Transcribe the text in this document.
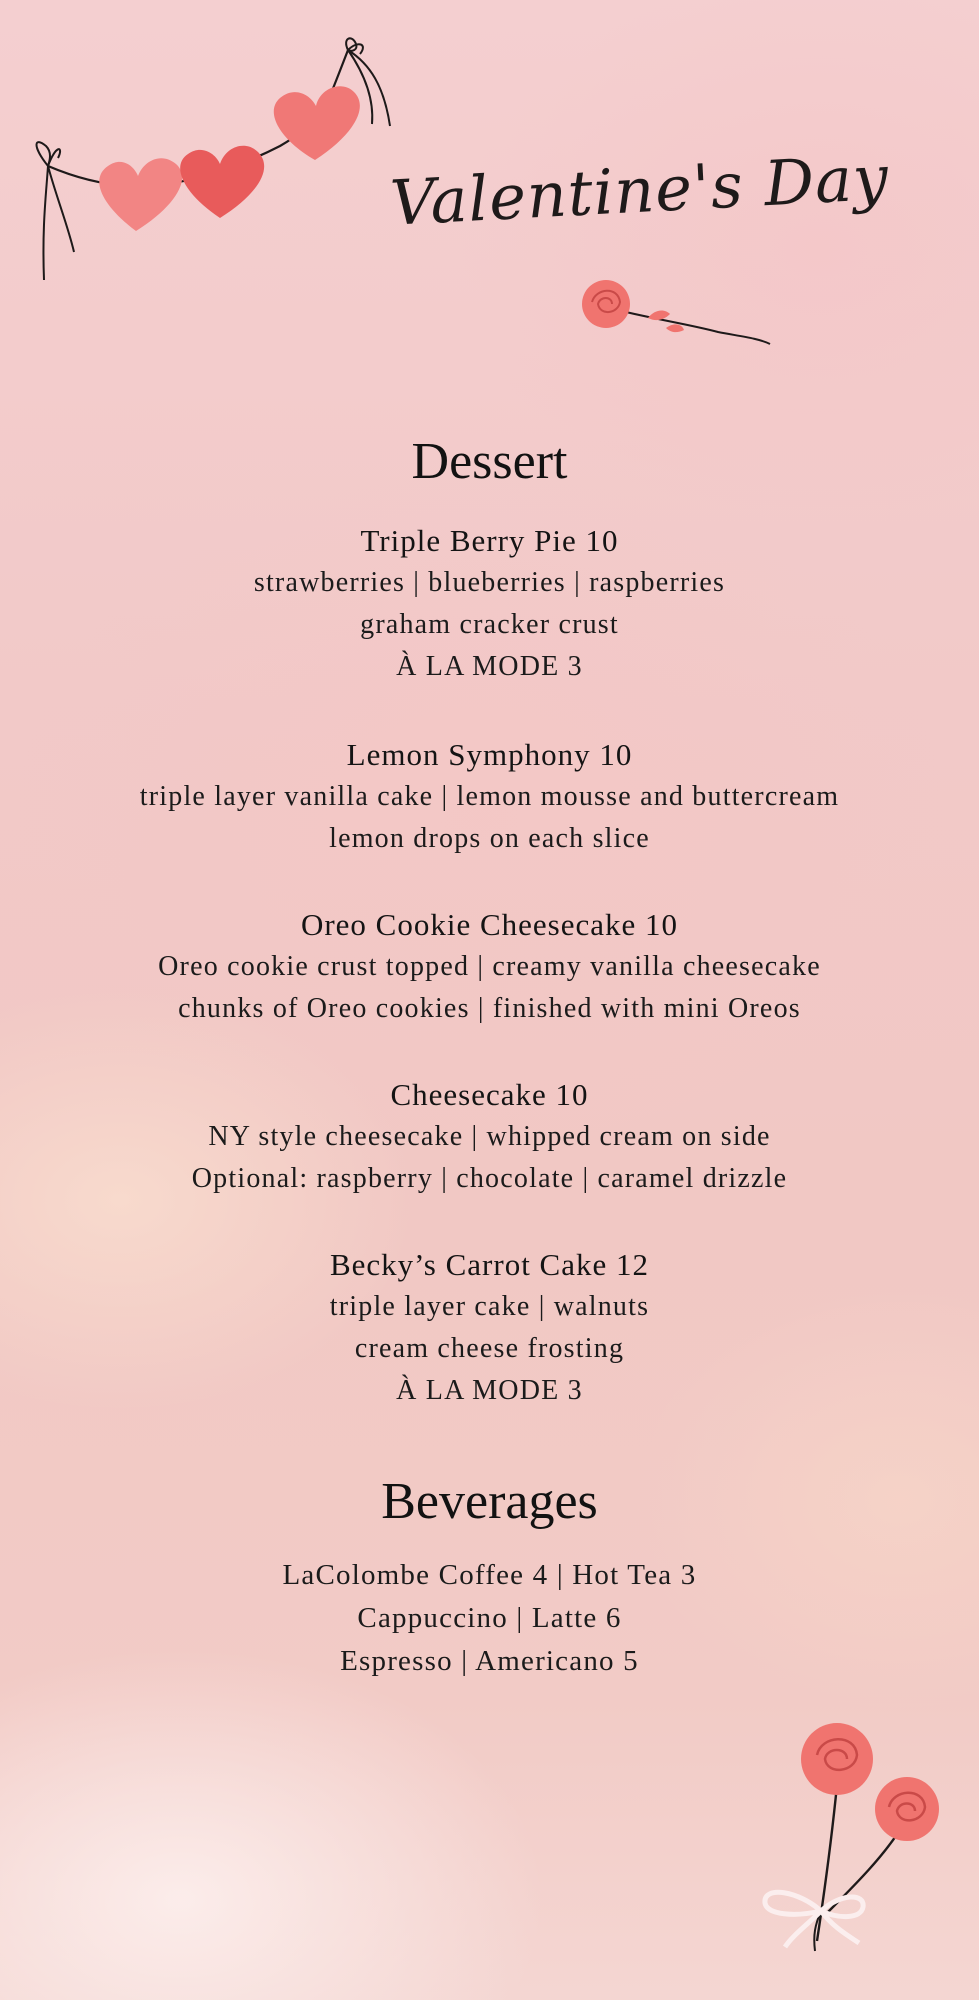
Valentine's Day
Dessert
Triple Berry Pie 10
strawberries | blueberries | raspberries
graham cracker crust
À LA MODE 3
Lemon Symphony 10
triple layer vanilla cake | lemon mousse and buttercream
lemon drops on each slice
Oreo Cookie Cheesecake 10
Oreo cookie crust topped | creamy vanilla cheesecake
chunks of Oreo cookies | finished with mini Oreos
Cheesecake 10
NY style cheesecake | whipped cream on side
Optional: raspberry | chocolate | caramel drizzle
Becky’s Carrot Cake 12
triple layer cake | walnuts
cream cheese frosting
À LA MODE 3
Beverages
LaColombe Coffee 4 | Hot Tea 3
Cappuccino | Latte 6
Espresso | Americano 5
